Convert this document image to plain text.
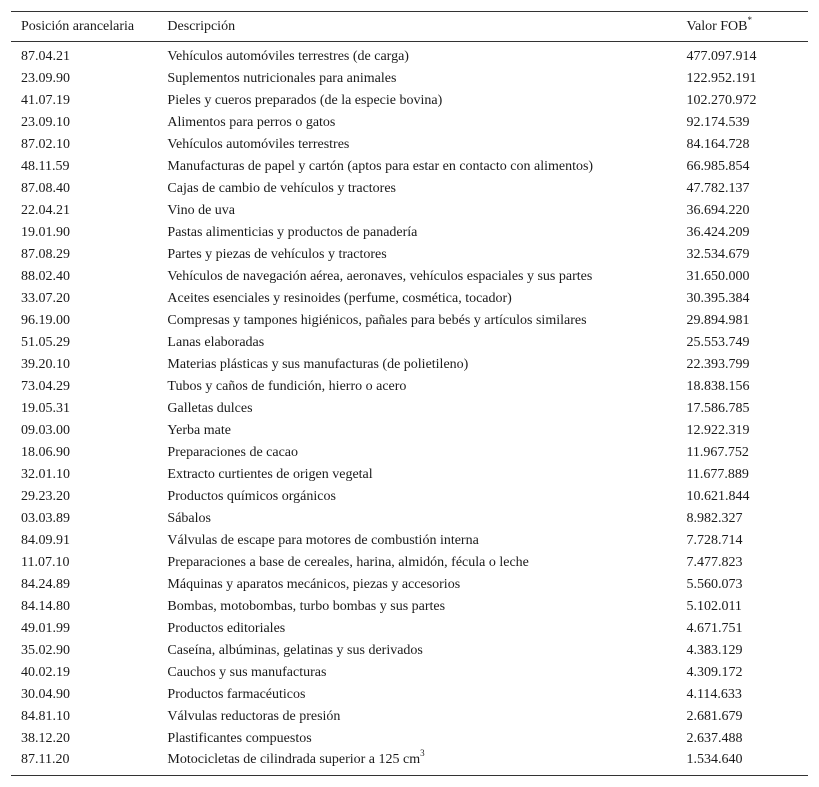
Posición arancelaria	Descripción	Valor FOB*
87.04.21	Vehículos automóviles terrestres (de carga)	477.097.914
23.09.90	Suplementos nutricionales para animales	122.952.191
41.07.19	Pieles y cueros preparados (de la especie bovina)	102.270.972
23.09.10	Alimentos para perros o gatos	92.174.539
87.02.10	Vehículos automóviles terrestres	84.164.728
48.11.59	Manufacturas de papel y cartón (aptos para estar en contacto con alimentos)	66.985.854
87.08.40	Cajas de cambio de vehículos y tractores	47.782.137
22.04.21	Vino de uva	36.694.220
19.01.90	Pastas alimenticias y productos de panadería	36.424.209
87.08.29	Partes y piezas de vehículos y tractores	32.534.679
88.02.40	Vehículos de navegación aérea, aeronaves, vehículos espaciales y sus partes	31.650.000
33.07.20	Aceites esenciales y resinoides (perfume, cosmética, tocador)	30.395.384
96.19.00	Compresas y tampones higiénicos, pañales para bebés y artículos similares	29.894.981
51.05.29	Lanas elaboradas	25.553.749
39.20.10	Materias plásticas y sus manufacturas (de polietileno)	22.393.799
73.04.29	Tubos y caños de fundición, hierro o acero	18.838.156
19.05.31	Galletas dulces	17.586.785
09.03.00	Yerba mate	12.922.319
18.06.90	Preparaciones de cacao	11.967.752
32.01.10	Extracto curtientes de origen vegetal	11.677.889
29.23.20	Productos químicos orgánicos	10.621.844
03.03.89	Sábalos	8.982.327
84.09.91	Válvulas de escape para motores de combustión interna	7.728.714
11.07.10	Preparaciones a base de cereales, harina, almidón, fécula o leche	7.477.823
84.24.89	Máquinas y aparatos mecánicos, piezas y accesorios	5.560.073
84.14.80	Bombas, motobombas, turbo bombas y sus partes	5.102.011
49.01.99	Productos editoriales	4.671.751
35.02.90	Caseína, albúminas, gelatinas y sus derivados	4.383.129
40.02.19	Cauchos y sus manufacturas	4.309.172
30.04.90	Productos farmacéuticos	4.114.633
84.81.10	Válvulas reductoras de presión	2.681.679
38.12.20	Plastificantes compuestos	2.637.488
87.11.20	Motocicletas de cilindrada superior a 125 $cm^3$	1.534.640
